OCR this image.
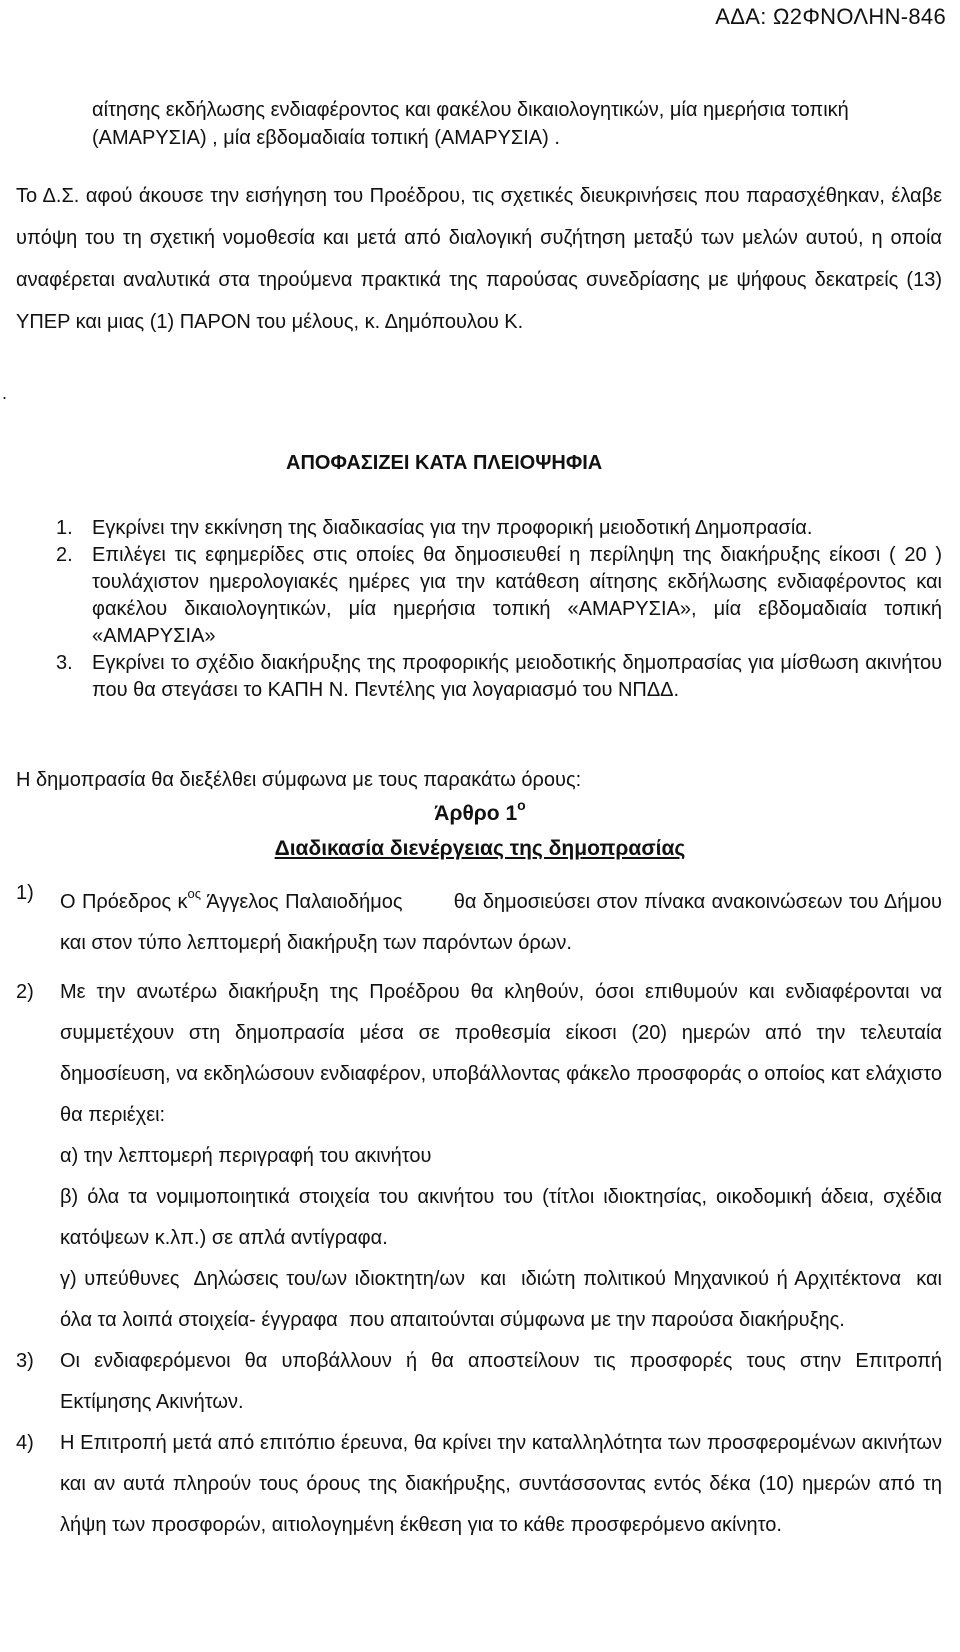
ΑΔΑ: Ω2ΦΝΟΛΗΝ-846
αίτησης εκδήλωσης ενδιαφέροντος και φακέλου δικαιολογητικών, μία ημερήσια τοπική (ΑΜΑΡΥΣΙΑ) , μία εβδομαδιαία τοπική (ΑΜΑΡΥΣΙΑ) .
Το Δ.Σ. αφού άκουσε την εισήγηση του Προέδρου, τις σχετικές διευκρινήσεις που παρασχέθηκαν, έλαβε υπόψη του τη σχετική νομοθεσία και μετά από διαλογική συζήτηση μεταξύ των μελών αυτού, η οποία αναφέρεται αναλυτικά στα τηρούμενα πρακτικά της παρούσας συνεδρίασης με ψήφους δεκατρείς (13) ΥΠΕΡ και μιας (1) ΠΑΡΟΝ του μέλους, κ. Δημόπουλου Κ.
.
ΑΠΟΦΑΣΙΖΕΙ ΚΑΤΑ ΠΛΕΙΟΨΗΦΙΑ
1. Εγκρίνει την εκκίνηση της διαδικασίας για την προφορική μειοδοτική Δημοπρασία.
2. Επιλέγει τις εφημερίδες στις οποίες θα δημοσιευθεί η περίληψη της διακήρυξης είκοσι ( 20 ) τουλάχιστον ημερολογιακές ημέρες για την κατάθεση αίτησης εκδήλωσης ενδιαφέροντος και φακέλου δικαιολογητικών, μία ημερήσια τοπική «ΑΜΑΡΥΣΙΑ», μία εβδομαδιαία τοπική «ΑΜΑΡΥΣΙΑ»
3. Εγκρίνει το σχέδιο διακήρυξης της προφορικής μειοδοτικής δημοπρασίας για μίσθωση ακινήτου που θα στεγάσει το ΚΑΠΗ Ν. Πεντέλης για λογαριασμό του ΝΠΔΔ.
Η δημοπρασία θα διεξέλθει σύμφωνα με τους παρακάτω όρους:
Άρθρο $1^o$
Διαδικασία διενέργειας της δημοπρασίας
1) Ο Πρόεδρος $\kappa^{o\varsigma}$ Άγγελος Παλαιοδήμος        θα δημοσιεύσει στον πίνακα ανακοινώσεων του Δήμου και στον τύπο λεπτομερή διακήρυξη των παρόντων όρων.
2) Με την ανωτέρω διακήρυξη της Προέδρου θα κληθούν, όσοι επιθυμούν και ενδιαφέρονται να συμμετέχουν στη δημοπρασία μέσα σε προθεσμία είκοσι (20) ημερών από την τελευταία δημοσίευση, να εκδηλώσουν ενδιαφέρον, υποβάλλοντας φάκελο προσφοράς ο οποίος κατ ελάχιστο θα περιέχει:
α) την λεπτομερή περιγραφή του ακινήτου
β) όλα τα νομιμοποιητικά στοιχεία του ακινήτου του (τίτλοι ιδιοκτησίας, οικοδομική άδεια, σχέδια κατόψεων κ.λπ.) σε απλά αντίγραφα.
γ) υπεύθυνες  Δηλώσεις του/ων ιδιοκτητη/ων  και  ιδιώτη πολιτικού Μηχανικού ή Αρχιτέκτονα  και όλα τα λοιπά στοιχεία- έγγραφα  που απαιτούνται σύμφωνα με την παρούσα διακήρυξης.
3) Οι ενδιαφερόμενοι θα υποβάλλουν ή θα αποστείλουν τις προσφορές τους στην Επιτροπή Εκτίμησης Ακινήτων.
4) Η Επιτροπή μετά από επιτόπιο έρευνα, θα κρίνει την καταλληλότητα των προσφερομένων ακινήτων και αν αυτά πληρούν τους όρους της διακήρυξης, συντάσσοντας εντός δέκα (10) ημερών από τη λήψη των προσφορών, αιτιολογημένη έκθεση για το κάθε προσφερόμενο ακίνητο.
